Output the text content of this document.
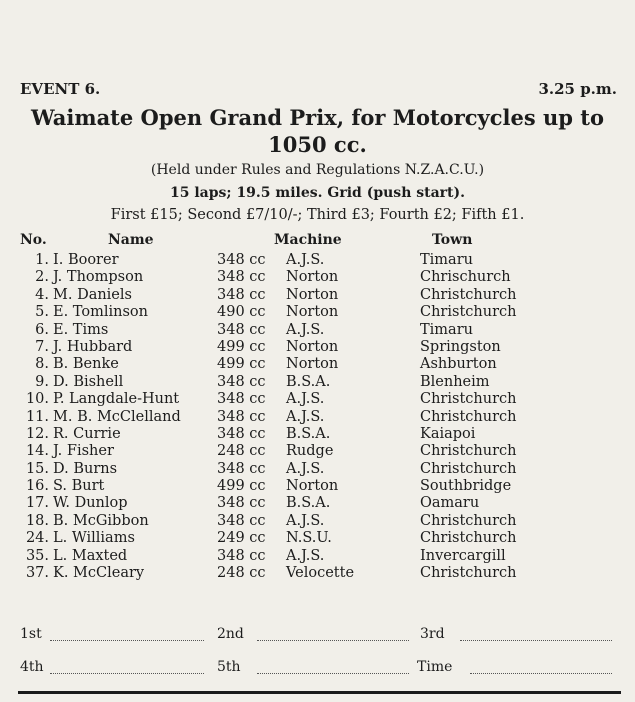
EVENT 6.	3.25 p.m.
Waimate Open Grand Prix, for Motorcycles up to
1050 cc.
(Held under Rules and Regulations N.Z.A.C.U.)
15 laps; 19.5 miles. Grid (push start).
First £15; Second £7/10/-; Third £3; Fourth £2; Fifth £1.
No.	Name	Machine	Town
1. I. Boorer	348 cc A.J.S.	Timaru
2. J. Thompson	348 cc Norton	Chrischurch
4. M. Daniels	348 cc Norton	Christchurch
5. E. Tomlinson	490 cc Norton	Christchurch
6. E. Tims	348 cc A.J.S.	Timaru
7. J. Hubbard	499 cc Norton	Springston
8. B. Benke	499 cc Norton	Ashburton
9. D. Bishell	348 cc B.S.A.	Blenheim
10. P. Langdale-Hunt	348 cc A.J.S.	Christchurch
11. M. B. McClelland 348 cc A.J.S.	Christchurch
12. R. Currie	348 cc B.S.A.	Kaiapoi
14. J. Fisher	248 cc Rudge	Christchurch
15. D. Burns	348 cc A.J.S.	Christchurch
16. S. Burt	499 cc Norton	Southbridge
17. W. Dunlop	348 cc B.S.A.	Oamaru
18. B. McGibbon	348 cc A.J.S.	Christchurch
24. L. Williams	249 cc N.S.U.	Christchurch
35. L. Maxted	348 cc A.J.S.	Invercargill
37. K. McCleary	248 cc Velocette	Christchurch
1st	2nd	3rd
4th	5th	Time
